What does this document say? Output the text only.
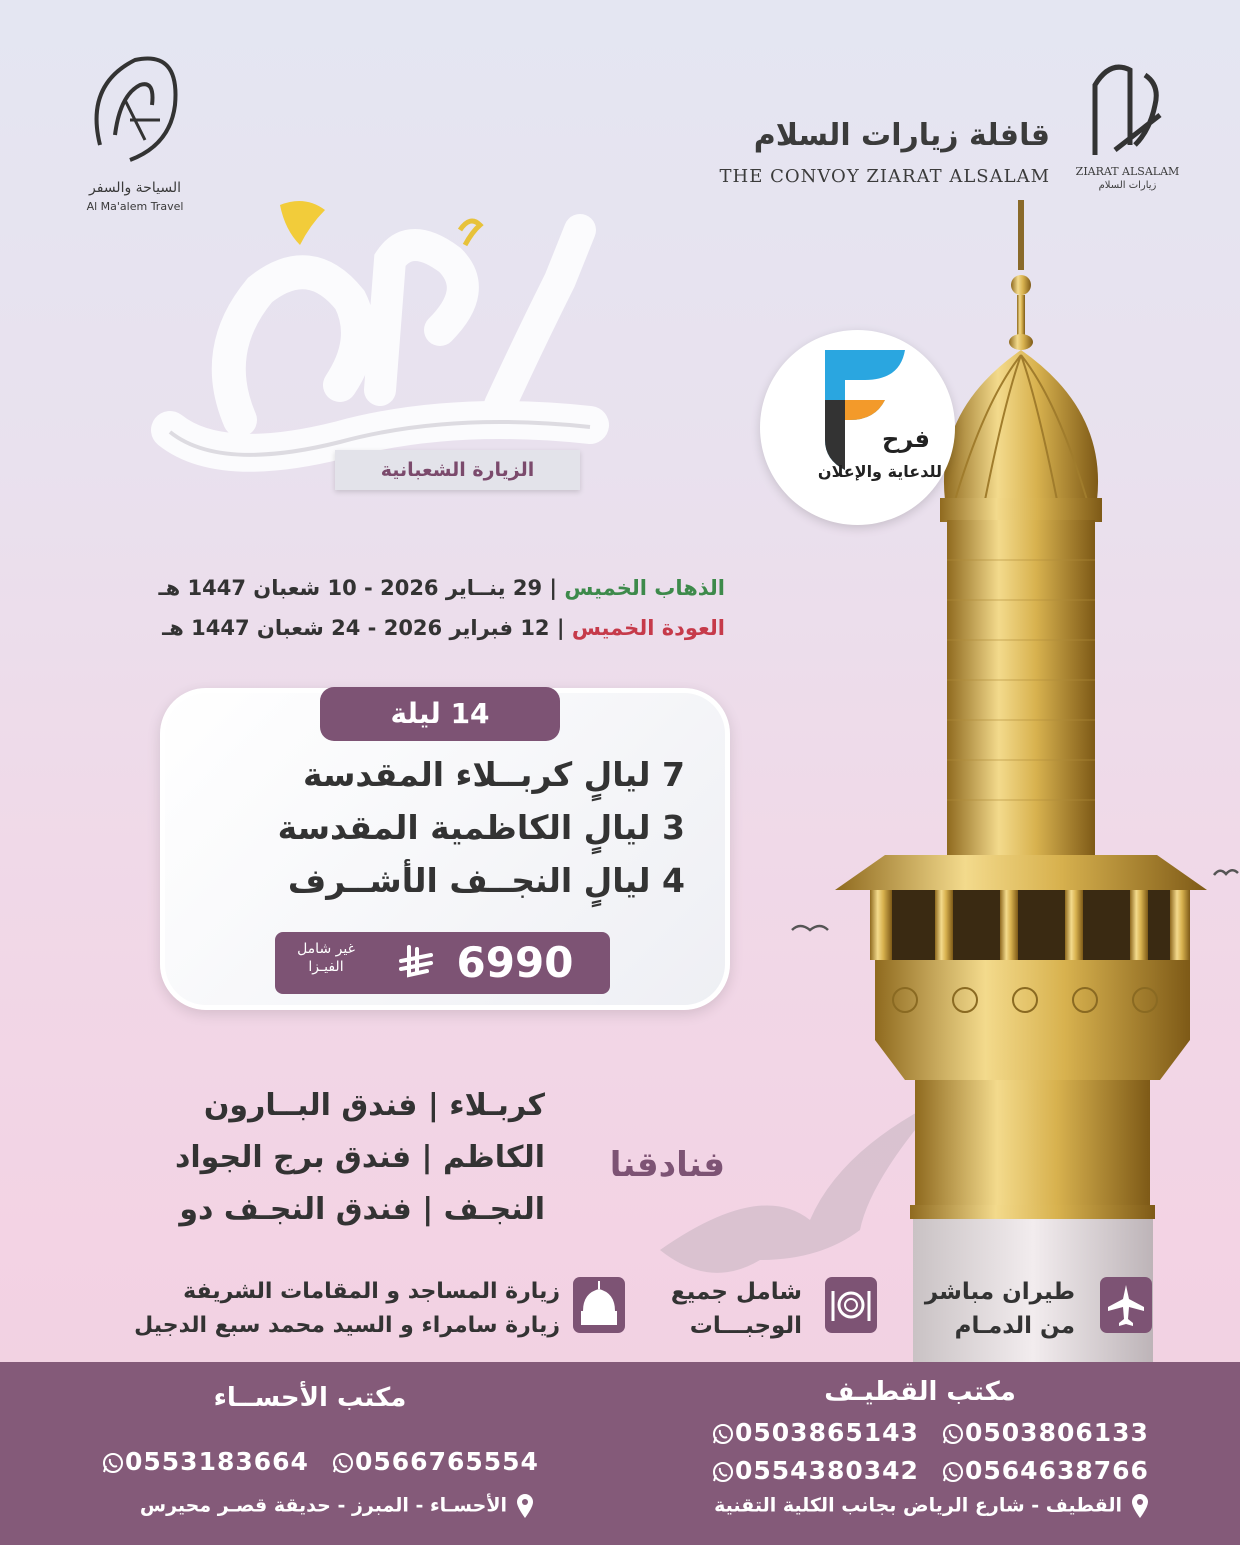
السياحة والسفر
Al Ma'alem Travel
قافلة زيارات السلام
THE CONVOY ZIARAT ALSALAM	ZIARAT ALSALAM
زيارات السلام
الزيارة الشعبانية
فرح
للدعاية والإعلان
الذهاب الخميس | 29 ينــاير 2026 - 10 شعبان 1447 هـ
العودة الخميس | 12 فبراير 2026 - 24 شعبان 1447 هـ
14 ليلة
7 ليالٍ كربــلاء المقدسة
3 ليالٍ الكاظمية المقدسة
4 ليالٍ النجــف الأشــرف
6990
غير شامل
الفيـزا
فنادقنا
كربـلاء | فندق البــارون
الكاظم | فندق برج الجواد
النجـف | فندق النجـف دو
طيران مباشر
من الدمـام
شامل جميع
الوجبـــات
زيارة المساجد و المقامات الشريفة
زيارة سامراء و السيد محمد سبع الدجيل
مكتب القطيـف
0503806133
0503865143
0564638766
0554380342
القطيف - شارع الرياض بجانب الكلية التقنية
مكتب الأحســاء
0566765554
0553183664
الأحسـاء - المبرز - حديقة قصـر محيرس
